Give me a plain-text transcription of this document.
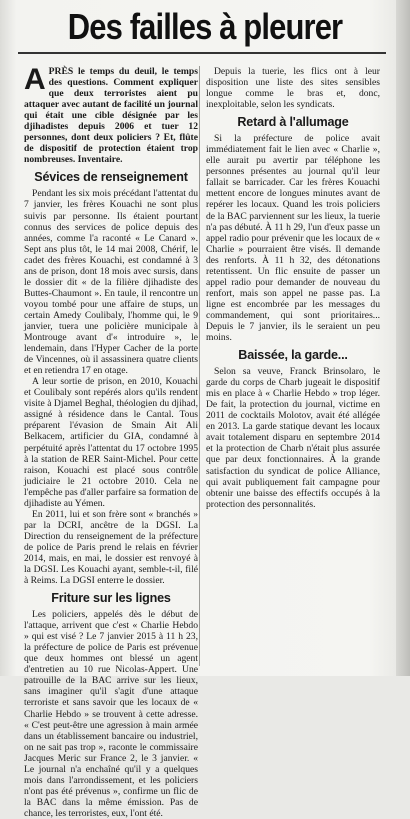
Des failles à pleurer

APRÈS le temps du deuil, le temps des questions. Comment expliquer que deux terroristes aient pu attaquer avec autant de facilité un journal qui était une cible désignée par les djihadistes depuis 2006 et tuer 12 personnes, dont deux policiers ? Et, flûte de dispositif de protection étaient trop nombreuses. Inventaire.

Sévices de renseignement

Pendant les six mois précédant l'attentat du 7 janvier, les frères Kouachi ne sont plus suivis par personne. Ils étaient pourtant connus des services de police depuis des années, comme l'a raconté « Le Canard ». Sept ans plus tôt, le 14 mai 2008, Chérif, le cadet des frères Kouachi, est condamné à 3 ans de prison, dont 18 mois avec sursis, dans le dossier dit « de la filière djihadiste des Buttes-Chaumont ». En taule, il rencontre un voyou tombé pour une affaire de stups, un certain Amedy Coulibaly, l'homme qui, le 9 janvier, tuera une policière municipale à Montrouge avant d'« introduire », le lendemain, dans l'Hyper Cacher de la porte de Vincennes, où il assassinera quatre clients et en retiendra 17 en otage.

A leur sortie de prison, en 2010, Kouachi et Coulibaly sont repérés alors qu'ils rendent visite à Djamel Beghal, théologien du djihad, assigné à résidence dans le Cantal. Tous préparent l'évasion de Smain Ait Ali Belkacem, artificier du GIA, condamné à perpétuité après l'attentat du 17 octobre 1995 à la station de RER Saint-Michel. Pour cette raison, Kouachi est placé sous contrôle judiciaire le 21 octobre 2010. Cela ne l'empêche pas d'aller parfaire sa formation de djihadiste au Yémen.

En 2011, lui et son frère sont « branchés » par la DCRI, ancêtre de la DGSI. La Direction du renseignement de la préfecture de police de Paris prend le relais en février 2014, mais, en mai, le dossier est renvoyé à la DGSI. Les Kouachi ayant, semble-t-il, filé à Reims. La DGSI enterre le dossier.

Friture sur les lignes

Les policiers, appelés dès le début de l'attaque, arrivent que c'est « Charlie Hebdo » qui est visé ? Le 7 janvier 2015 à 11 h 23, la préfecture de police de Paris est prévenue que deux hommes ont blessé un agent d'entretien au 10 rue Nicolas-Appert. Une patrouille de la BAC arrive sur les lieux, sans imaginer qu'il s'agit d'une attaque terroriste et sans savoir que les locaux de « Charlie Hebdo » se trouvent à cette adresse. « C'est peut-être une agression à main armée dans un établissement bancaire ou industriel, on ne sait pas trop », raconte le commissaire Jacques Meric sur France 2, le 3 janvier. « Le journal n'a enchaîné qu'il y a quelques mois dans l'arrondissement, et les policiers n'ont pas été prévenus », confirme un flic de la BAC dans la même émission. Pas de chance, les terroristes, eux, l'ont été.

Depuis la tuerie, les flics ont à leur disposition une liste des sites sensibles longue comme le bras et, donc, inexploitable, selon les syndicats.

Retard à l'allumage

Si la préfecture de police avait immédiatement fait le lien avec « Charlie », elle aurait pu avertir par téléphone les personnes présentes au journal qu'il leur fallait se barricader. Car les frères Kouachi mettent encore de longues minutes avant de repérer les locaux. Quand les trois policiers de la BAC parviennent sur les lieux, la tuerie n'a pas débuté. À 11 h 29, l'un d'eux passe un appel radio pour prévenir que les locaux de « Charlie » pourraient être visés. Il demande des renforts. À 11 h 32, des détonations retentissent. Un flic ensuite de passer un appel radio pour demander de nouveau du renfort, mais son appel ne passe pas. La ligne est encombrée par les messages du commandement, qui sont prioritaires... Depuis le 7 janvier, ils le seraient un peu moins.

Baissée, la garde...

Selon sa veuve, Franck Brinsolaro, le garde du corps de Charb jugeait le dispositif mis en place à « Charlie Hebdo » trop léger. De fait, la protection du journal, victime en 2011 de cocktails Molotov, avait été allégée en 2013. La garde statique devant les locaux avait totalement disparu en septembre 2014 et la protection de Charb n'était plus assurée que par deux fonctionnaires. À la grande satisfaction du syndicat de police Alliance, qui avait publiquement fait campagne pour obtenir une baisse des effectifs occupés à la protection des personnalités.
